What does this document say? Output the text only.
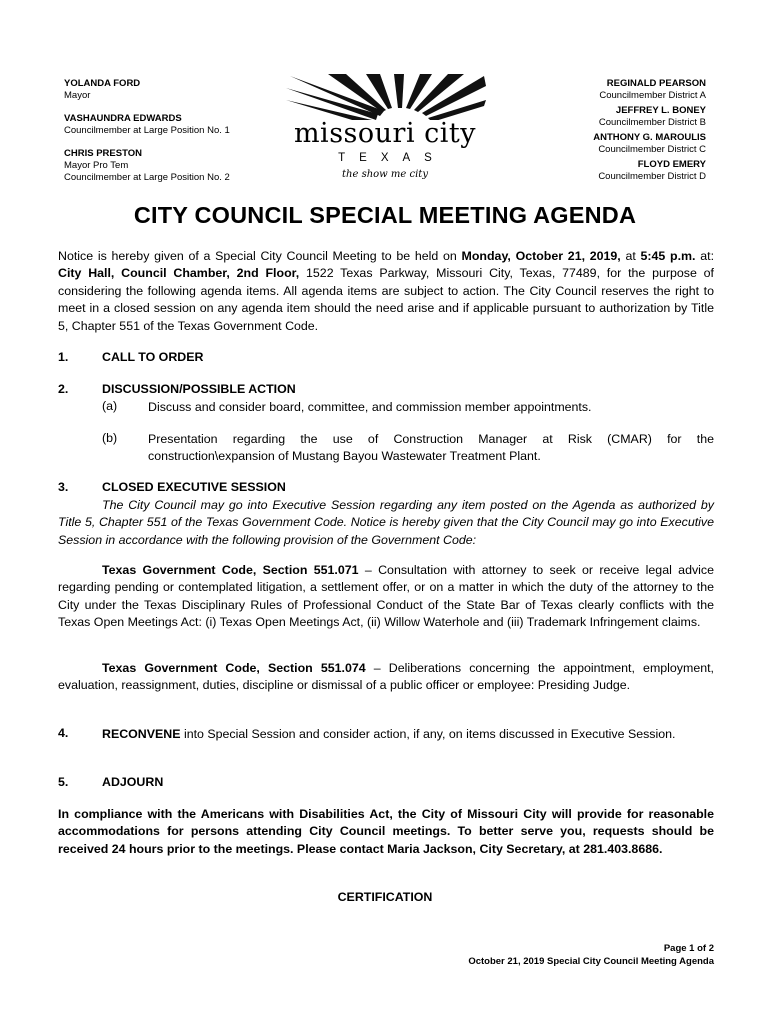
YOLANDA FORD
Mayor
VASHAUNDRA EDWARDS
Councilmember at Large Position No. 1
CHRIS PRESTON
Mayor Pro Tem
Councilmember at Large Position No. 2
missouri city
TEXAS
the show me city
REGINALD PEARSON
Councilmember District A
JEFFREY L. BONEY
Councilmember District B
ANTHONY G. MAROULIS
Councilmember District C
FLOYD EMERY
Councilmember District D
CITY COUNCIL SPECIAL MEETING AGENDA
Notice is hereby given of a Special City Council Meeting to be held on Monday, October 21, 2019, at 5:45 p.m. at: City Hall, Council Chamber, 2nd Floor, 1522 Texas Parkway, Missouri City, Texas, 77489, for the purpose of considering the following agenda items. All agenda items are subject to action. The City Council reserves the right to meet in a closed session on any agenda item should the need arise and if applicable pursuant to authorization by Title 5, Chapter 551 of the Texas Government Code.
1.	CALL TO ORDER
2.	DISCUSSION/POSSIBLE ACTION
(a) Discuss and consider board, committee, and commission member appointments.
(b) Presentation regarding the use of Construction Manager at Risk (CMAR) for the construction\expansion of Mustang Bayou Wastewater Treatment Plant.
3.	CLOSED EXECUTIVE SESSION
The City Council may go into Executive Session regarding any item posted on the Agenda as authorized by Title 5, Chapter 551 of the Texas Government Code. Notice is hereby given that the City Council may go into Executive Session in accordance with the following provision of the Government Code:
Texas Government Code, Section 551.071 – Consultation with attorney to seek or receive legal advice regarding pending or contemplated litigation, a settlement offer, or on a matter in which the duty of the attorney to the City under the Texas Disciplinary Rules of Professional Conduct of the State Bar of Texas clearly conflicts with the Texas Open Meetings Act: (i) Texas Open Meetings Act, (ii) Willow Waterhole and (iii) Trademark Infringement claims.
Texas Government Code, Section 551.074 – Deliberations concerning the appointment, employment, evaluation, reassignment, duties, discipline or dismissal of a public officer or employee: Presiding Judge.
4.	RECONVENE into Special Session and consider action, if any, on items discussed in Executive Session.
5.	ADJOURN
In compliance with the Americans with Disabilities Act, the City of Missouri City will provide for reasonable accommodations for persons attending City Council meetings. To better serve you, requests should be received 24 hours prior to the meetings. Please contact Maria Jackson, City Secretary, at 281.403.8686.
CERTIFICATION
Page 1 of 2
October 21, 2019 Special City Council Meeting Agenda
